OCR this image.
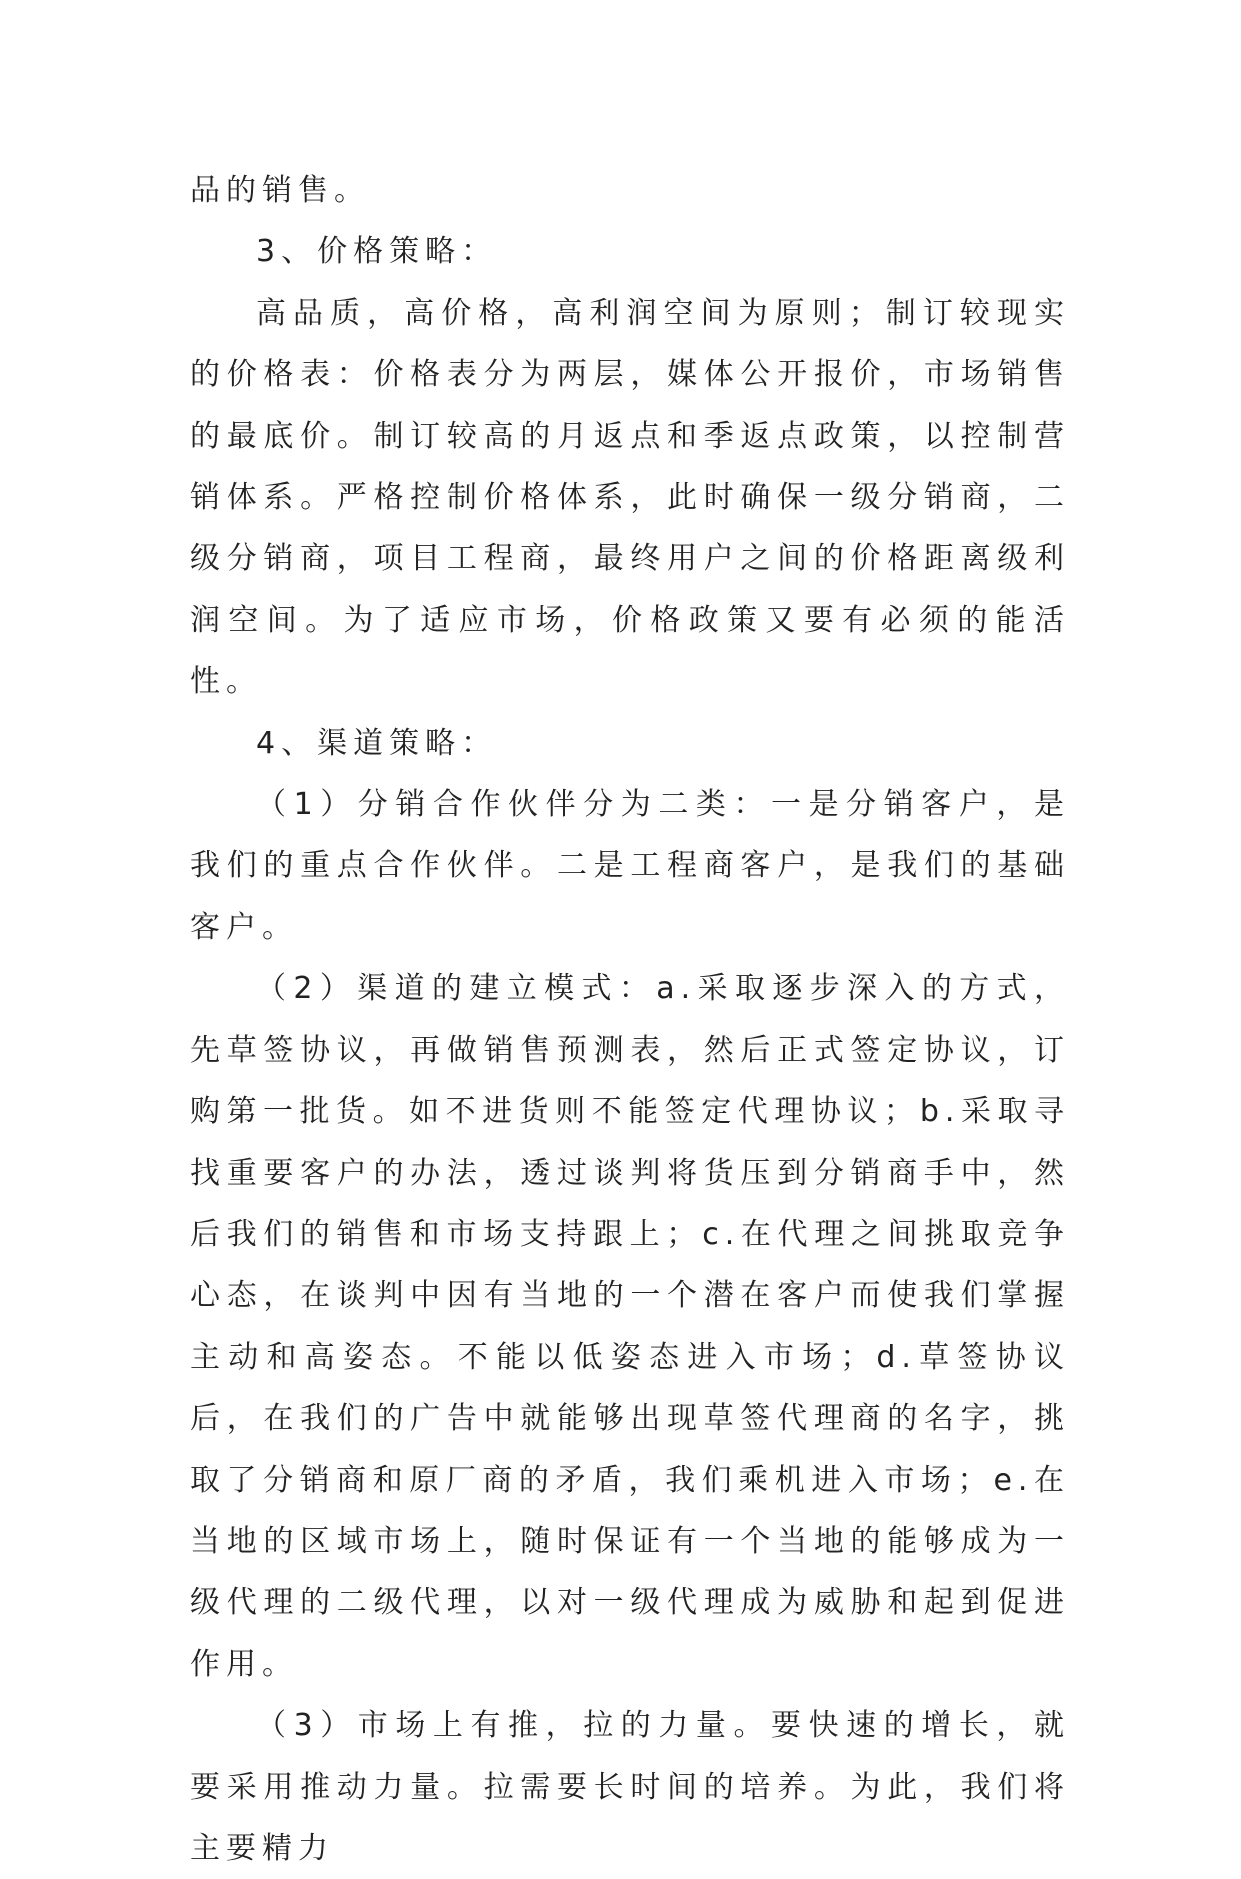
品的销售。

3、价格策略：

高品质，高价格，高利润空间为原则；制订较现实的价格表：价格表分为两层，媒体公开报价，市场销售的最底价。制订较高的月返点和季返点政策，以控制营销体系。严格控制价格体系，此时确保一级分销商，二级分销商，项目工程商，最终用户之间的价格距离级利润空间。为了适应市场，价格政策又要有必须的能活性。

4、渠道策略：

（1）分销合作伙伴分为二类：一是分销客户，是我们的重点合作伙伴。二是工程商客户，是我们的基础客户。

（2）渠道的建立模式：a.采取逐步深入的方式，先草签协议，再做销售预测表，然后正式签定协议，订购第一批货。如不进货则不能签定代理协议；b.采取寻找重要客户的办法，透过谈判将货压到分销商手中，然后我们的销售和市场支持跟上；c.在代理之间挑取竞争心态，在谈判中因有当地的一个潜在客户而使我们掌握主动和高姿态。不能以低姿态进入市场；d.草签协议后，在我们的广告中就能够出现草签代理商的名字，挑取了分销商和原厂商的矛盾，我们乘机进入市场；e.在当地的区域市场上，随时保证有一个当地的能够成为一级代理的二级代理，以对一级代理成为威胁和起到促进作用。

（3）市场上有推，拉的力量。要快速的增长，就要采用推动力量。拉需要长时间的培养。为此，我们将主要精力
